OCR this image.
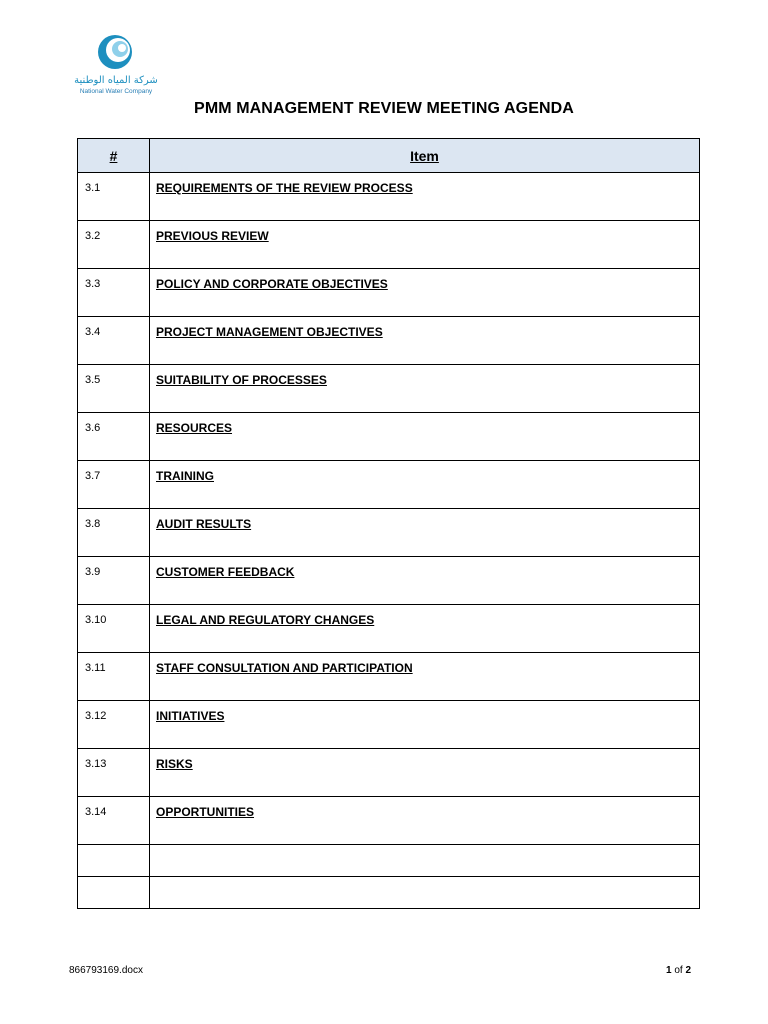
شركة المياه الوطنية
National Water Company
PMM MANAGEMENT REVIEW MEETING AGENDA
#	Item

3.1	REQUIREMENTS OF THE REVIEW PROCESS

3.2	PREVIOUS REVIEW

3.3	POLICY AND CORPORATE OBJECTIVES

3.4	PROJECT MANAGEMENT OBJECTIVES

3.5	SUITABILITY OF PROCESSES

3.6	RESOURCES

3.7	TRAINING

3.8	AUDIT RESULTS

3.9	CUSTOMER FEEDBACK

3.10	LEGAL AND REGULATORY CHANGES

3.11	STAFF CONSULTATION AND PARTICIPATION

3.12	INITIATIVES

3.13	RISKS

3.14	OPPORTUNITIES

866793169.docx	1 of 2
